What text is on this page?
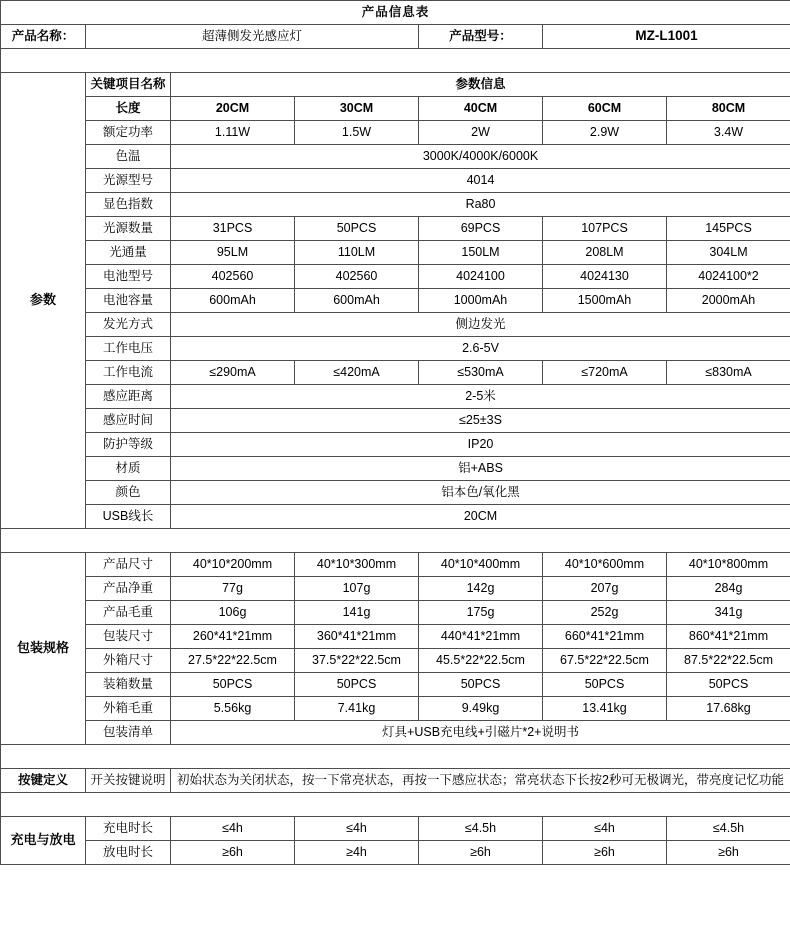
产品信息表						
产品名称：	超薄侧发光感应灯			产品型号：	MZ-L1001	

参数	关键项目名称	参数信息				
	长度	20CM	30CM	40CM	60CM	80CM
	额定功率	1.11W	1.5W	2W	2.9W	3.4W
	色温	3000K/4000K/6000K				
	光源型号	4014				
	显色指数	Ra80				
	光源数量	31PCS	50PCS	69PCS	107PCS	145PCS
	光通量	95LM	110LM	150LM	208LM	304LM
	电池型号	402560	402560	4024100	4024130	4024100*2
	电池容量	600mAh	600mAh	1000mAh	1500mAh	2000mAh
	发光方式	侧边发光				
	工作电压	2.6-5V				
	工作电流	≤290mA	≤420mA	≤530mA	≤720mA	≤830mA
	感应距离	2-5米				
	感应时间	≤25±3S				
	防护等级	IP20				
	材质	铝+ABS				
	颜色	铝本色/氧化黑				
	USB线长	20CM				

包装规格	产品尺寸	40*10*200mm	40*10*300mm	40*10*400mm	40*10*600mm	40*10*800mm
	产品净重	77g	107g	142g	207g	284g
	产品毛重	106g	141g	175g	252g	341g
	包装尺寸	260*41*21mm	360*41*21mm	440*41*21mm	660*41*21mm	860*41*21mm
	外箱尺寸	27.5*22*22.5cm	37.5*22*22.5cm	45.5*22*22.5cm	67.5*22*22.5cm	87.5*22*22.5cm
	装箱数量	50PCS	50PCS	50PCS	50PCS	50PCS
	外箱毛重	5.56kg	7.41kg	9.49kg	13.41kg	17.68kg
	包装清单	灯具+USB充电线+引磁片*2+说明书				

按键定义	开关按键说明	初始状态为关闭状态，按一下常亮状态，再按一下感应状态；常亮状态下长按2秒可无极调光，带亮度记忆功能				

充电与放电	充电时长	≤4h	≤4h	≤4.5h	≤4h	≤4.5h
	放电时长	≥6h	≥4h	≥6h	≥6h	≥6h
